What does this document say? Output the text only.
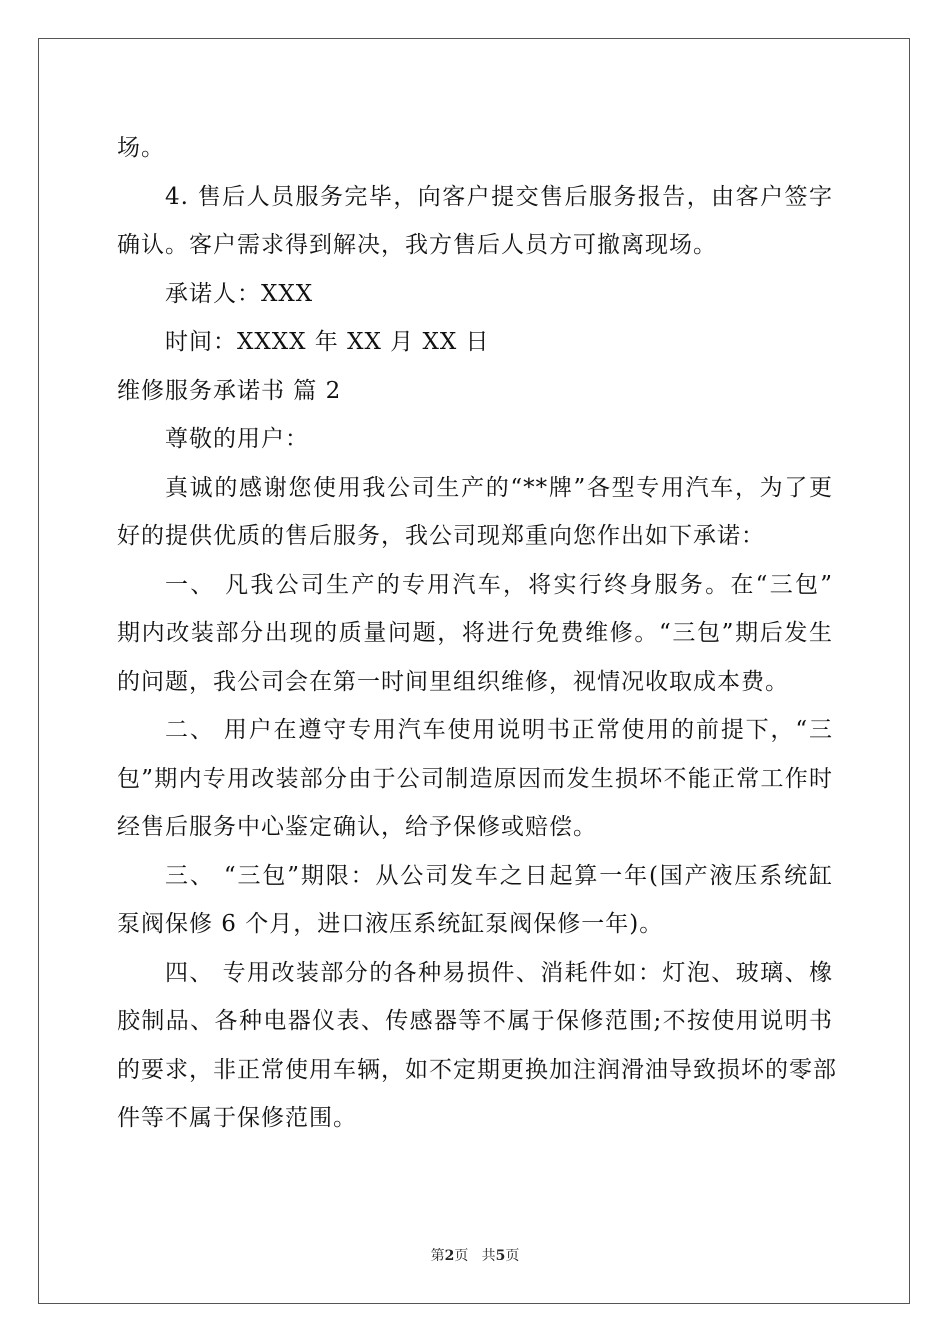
场。
4. 售后人员服务完毕，向客户提交售后服务报告，由客户签字
确认。客户需求得到解决，我方售后人员方可撤离现场。
承诺人：XXX
时间：XXXX 年 XX 月 XX 日
维修服务承诺书 篇 2
尊敬的用户：
真诚的感谢您使用我公司生产的“**牌”各型专用汽车，为了更
好的提供优质的售后服务，我公司现郑重向您作出如下承诺：
一、 凡我公司生产的专用汽车，将实行终身服务。在“三包”
期内改装部分出现的质量问题，将进行免费维修。“三包”期后发生
的问题，我公司会在第一时间里组织维修，视情况收取成本费。
二、 用户在遵守专用汽车使用说明书正常使用的前提下，“三
包”期内专用改装部分由于公司制造原因而发生损坏不能正常工作时
经售后服务中心鉴定确认，给予保修或赔偿。
三、 “三包”期限：从公司发车之日起算一年(国产液压系统缸
泵阀保修 6 个月，进口液压系统缸泵阀保修一年)。
四、 专用改装部分的各种易损件、消耗件如：灯泡、玻璃、橡
胶制品、各种电器仪表、传感器等不属于保修范围;不按使用说明书
的要求，非正常使用车辆，如不定期更换加注润滑油导致损坏的零部
件等不属于保修范围。
第2页 共5页
